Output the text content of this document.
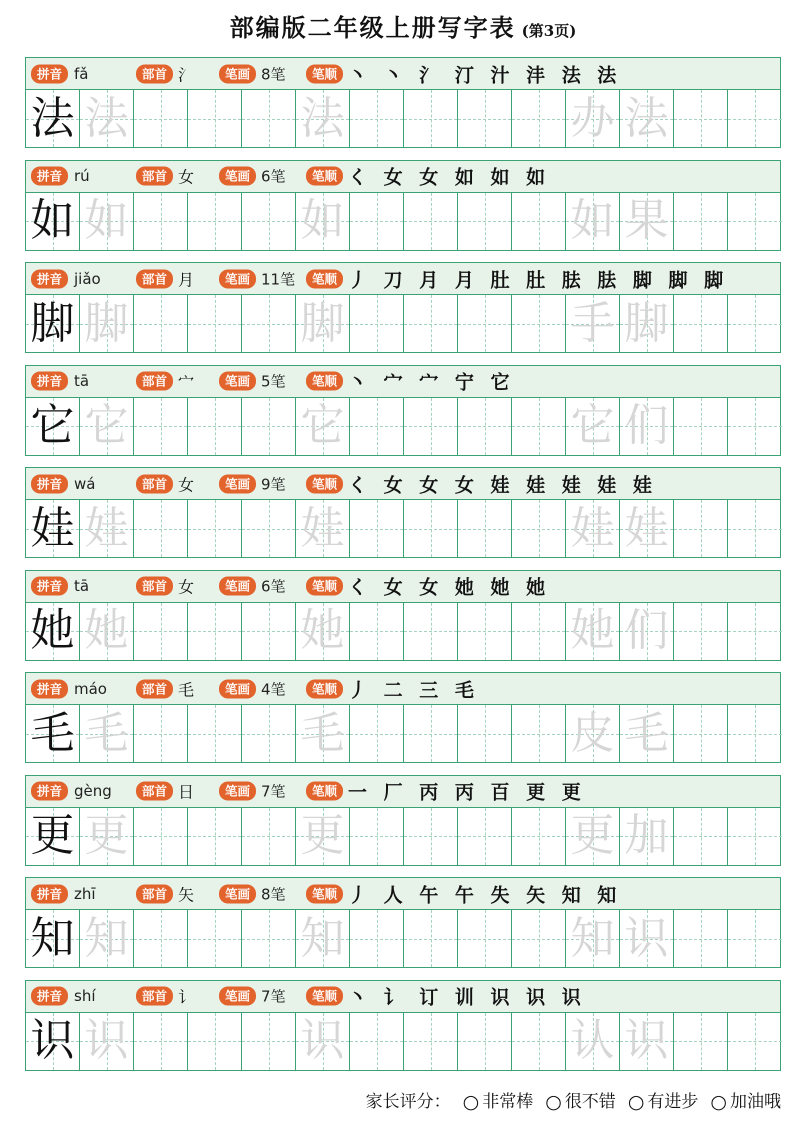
部编版二年级上册写字表 (第3页)
拼音 fǎ	部首 氵	笔画 8笔	笔顺 丶 丶 氵 汀 汁 沣 法 法
法 法	法	办 法
拼音 rú	部首 女	笔画 6笔	笔顺 く 女 女 如 如 如
如 如	如	如 果
拼音 jiǎo	部首 月	笔画 11笔	笔顺 丿 刀 月 月 肚 肚 胠 胠 脚 脚 脚
脚 脚	脚	手 脚
拼音 tā	部首 宀	笔画 5笔	笔顺 丶 宀 宀 宁 它
它 它	它	它 们
拼音 wá	部首 女	笔画 9笔	笔顺 く 女 女 女 娃 娃 娃 娃 娃
娃 娃	娃	娃 娃
拼音 tā	部首 女	笔画 6笔	笔顺 く 女 女 她 她 她
她 她	她	她 们
拼音 máo	部首 毛	笔画 4笔	笔顺 丿 二 三 毛
毛 毛	毛	皮 毛
拼音 gèng	部首 日	笔画 7笔	笔顺 一 厂 丙 丙 百 更 更
更 更	更	更 加
拼音 zhī	部首 矢	笔画 8笔	笔顺 丿 人 午 午 失 矢 知 知
知 知	知	知 识
拼音 shí	部首 讠	笔画 7笔	笔顺 丶 讠 订 训 识 识 识
识 识	识	认 识
家长评分： ○ 非常棒 ○ 很不错 ○ 有进步 ○ 加油哦
